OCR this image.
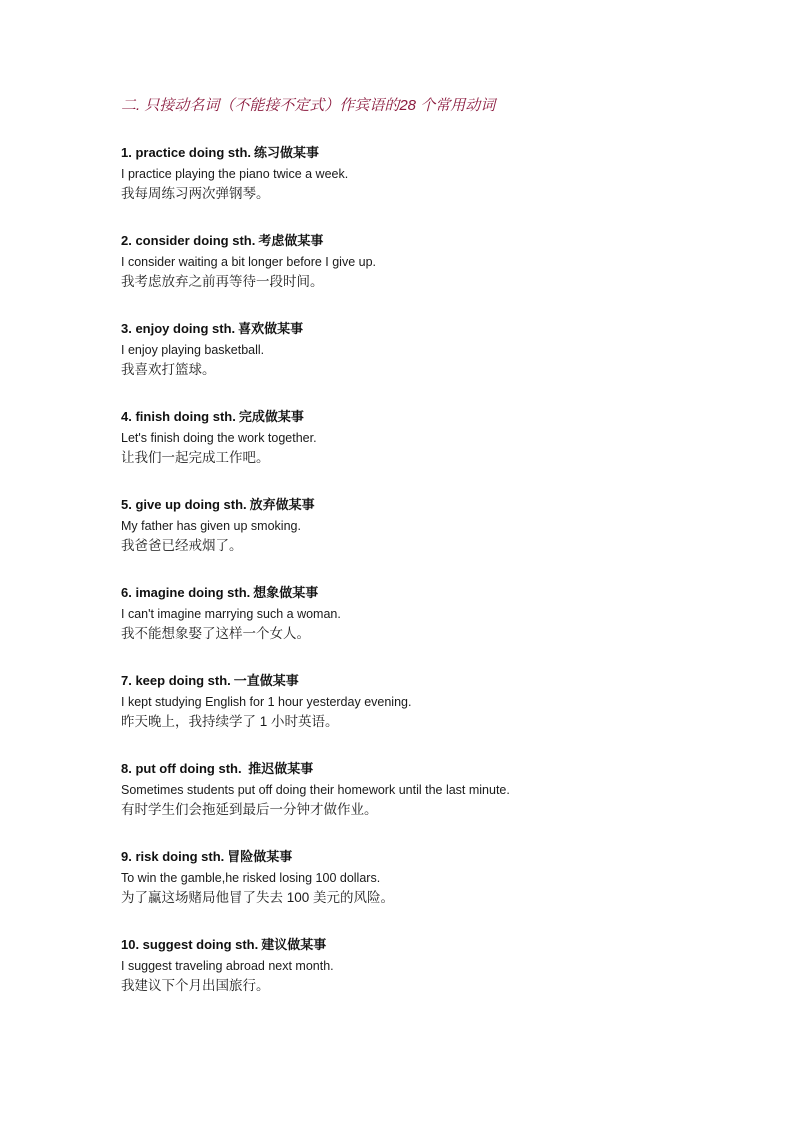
二. 只接动名词（不能接不定式）作宾语的28 个常用动词
1. practice doing sth. 练习做某事
I practice playing the piano twice a week.
我每周练习两次弹钢琴。
2. consider doing sth. 考虑做某事
I consider waiting a bit longer before I give up.
我考虑放弃之前再等待一段时间。
3. enjoy doing sth. 喜欢做某事
I enjoy playing basketball.
我喜欢打篮球。
4. finish doing sth. 完成做某事
Let's finish doing the work together.
让我们一起完成工作吧。
5. give up doing sth. 放弃做某事
My father has given up smoking.
我爸爸已经戒烟了。
6. imagine doing sth. 想象做某事
I can't imagine marrying such a woman.
我不能想象娶了这样一个女人。
7. keep doing sth. 一直做某事
I kept studying English for 1 hour yesterday evening.
昨天晚上，我持续学了 1 小时英语。
8. put off doing sth. 推迟做某事
Sometimes students put off doing their homework until the last minute.
有时学生们会拖延到最后一分钟才做作业。
9. risk doing sth. 冒险做某事
To win the gamble,he risked losing 100 dollars.
为了赢这场赌局他冒了失去 100 美元的风险。
10. suggest doing sth. 建议做某事
I suggest traveling abroad next month.
我建议下个月出国旅行。
